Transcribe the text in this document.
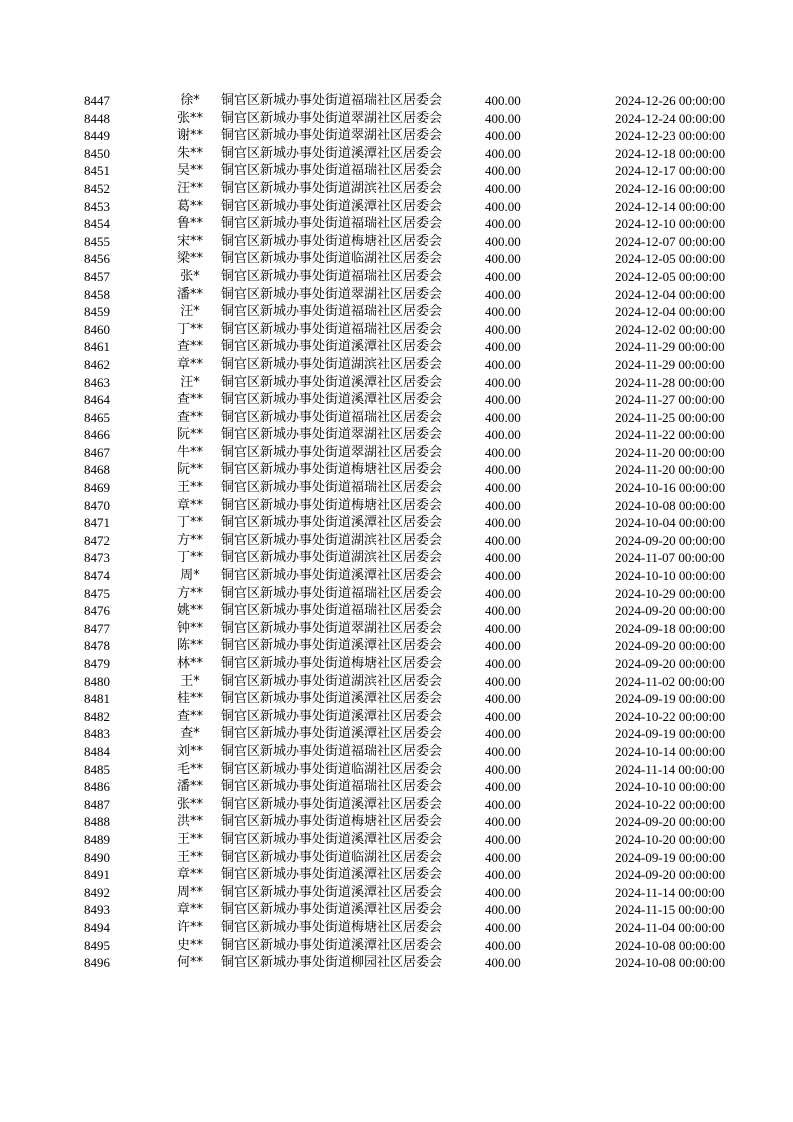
8447	徐*	铜官区新城办事处街道福瑞社区居委会	400.00	2024-12-26 00:00:00
8448	张**	铜官区新城办事处街道翠湖社区居委会	400.00	2024-12-24 00:00:00
8449	谢**	铜官区新城办事处街道翠湖社区居委会	400.00	2024-12-23 00:00:00
8450	朱**	铜官区新城办事处街道溪潭社区居委会	400.00	2024-12-18 00:00:00
8451	吴**	铜官区新城办事处街道福瑞社区居委会	400.00	2024-12-17 00:00:00
8452	汪**	铜官区新城办事处街道湖滨社区居委会	400.00	2024-12-16 00:00:00
8453	葛**	铜官区新城办事处街道溪潭社区居委会	400.00	2024-12-14 00:00:00
8454	鲁**	铜官区新城办事处街道福瑞社区居委会	400.00	2024-12-10 00:00:00
8455	宋**	铜官区新城办事处街道梅塘社区居委会	400.00	2024-12-07 00:00:00
8456	梁**	铜官区新城办事处街道临湖社区居委会	400.00	2024-12-05 00:00:00
8457	张*	铜官区新城办事处街道福瑞社区居委会	400.00	2024-12-05 00:00:00
8458	潘**	铜官区新城办事处街道翠湖社区居委会	400.00	2024-12-04 00:00:00
8459	汪*	铜官区新城办事处街道福瑞社区居委会	400.00	2024-12-04 00:00:00
8460	丁**	铜官区新城办事处街道福瑞社区居委会	400.00	2024-12-02 00:00:00
8461	查**	铜官区新城办事处街道溪潭社区居委会	400.00	2024-11-29 00:00:00
8462	章**	铜官区新城办事处街道湖滨社区居委会	400.00	2024-11-29 00:00:00
8463	汪*	铜官区新城办事处街道溪潭社区居委会	400.00	2024-11-28 00:00:00
8464	查**	铜官区新城办事处街道溪潭社区居委会	400.00	2024-11-27 00:00:00
8465	查**	铜官区新城办事处街道福瑞社区居委会	400.00	2024-11-25 00:00:00
8466	阮**	铜官区新城办事处街道翠湖社区居委会	400.00	2024-11-22 00:00:00
8467	牛**	铜官区新城办事处街道翠湖社区居委会	400.00	2024-11-20 00:00:00
8468	阮**	铜官区新城办事处街道梅塘社区居委会	400.00	2024-11-20 00:00:00
8469	王**	铜官区新城办事处街道福瑞社区居委会	400.00	2024-10-16 00:00:00
8470	章**	铜官区新城办事处街道梅塘社区居委会	400.00	2024-10-08 00:00:00
8471	丁**	铜官区新城办事处街道溪潭社区居委会	400.00	2024-10-04 00:00:00
8472	方**	铜官区新城办事处街道湖滨社区居委会	400.00	2024-09-20 00:00:00
8473	丁**	铜官区新城办事处街道湖滨社区居委会	400.00	2024-11-07 00:00:00
8474	周*	铜官区新城办事处街道溪潭社区居委会	400.00	2024-10-10 00:00:00
8475	方**	铜官区新城办事处街道福瑞社区居委会	400.00	2024-10-29 00:00:00
8476	姚**	铜官区新城办事处街道福瑞社区居委会	400.00	2024-09-20 00:00:00
8477	钟**	铜官区新城办事处街道翠湖社区居委会	400.00	2024-09-18 00:00:00
8478	陈**	铜官区新城办事处街道溪潭社区居委会	400.00	2024-09-20 00:00:00
8479	林**	铜官区新城办事处街道梅塘社区居委会	400.00	2024-09-20 00:00:00
8480	王*	铜官区新城办事处街道湖滨社区居委会	400.00	2024-11-02 00:00:00
8481	桂**	铜官区新城办事处街道溪潭社区居委会	400.00	2024-09-19 00:00:00
8482	查**	铜官区新城办事处街道溪潭社区居委会	400.00	2024-10-22 00:00:00
8483	查*	铜官区新城办事处街道溪潭社区居委会	400.00	2024-09-19 00:00:00
8484	刘**	铜官区新城办事处街道福瑞社区居委会	400.00	2024-10-14 00:00:00
8485	毛**	铜官区新城办事处街道临湖社区居委会	400.00	2024-11-14 00:00:00
8486	潘**	铜官区新城办事处街道福瑞社区居委会	400.00	2024-10-10 00:00:00
8487	张**	铜官区新城办事处街道溪潭社区居委会	400.00	2024-10-22 00:00:00
8488	洪**	铜官区新城办事处街道梅塘社区居委会	400.00	2024-09-20 00:00:00
8489	王**	铜官区新城办事处街道溪潭社区居委会	400.00	2024-10-20 00:00:00
8490	王**	铜官区新城办事处街道临湖社区居委会	400.00	2024-09-19 00:00:00
8491	章**	铜官区新城办事处街道溪潭社区居委会	400.00	2024-09-20 00:00:00
8492	周**	铜官区新城办事处街道溪潭社区居委会	400.00	2024-11-14 00:00:00
8493	章**	铜官区新城办事处街道溪潭社区居委会	400.00	2024-11-15 00:00:00
8494	许**	铜官区新城办事处街道梅塘社区居委会	400.00	2024-11-04 00:00:00
8495	史**	铜官区新城办事处街道溪潭社区居委会	400.00	2024-10-08 00:00:00
8496	何**	铜官区新城办事处街道柳园社区居委会	400.00	2024-10-08 00:00:00
